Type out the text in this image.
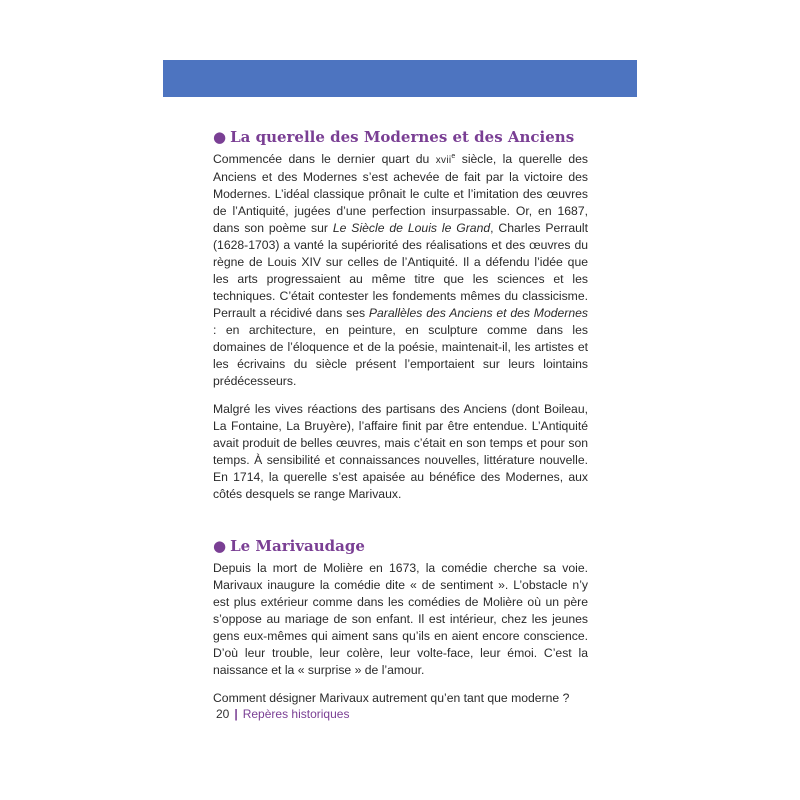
● La querelle des Modernes et des Anciens

Commencée dans le dernier quart du xvii$^e$ siècle, la querelle des Anciens et des Modernes s’est achevée de fait par la victoire des Modernes. L’idéal classique prônait le culte et l’imitation des œuvres de l’Antiquité, jugées d’une perfection insurpassable. Or, en 1687, dans son poème sur Le Siècle de Louis le Grand, Charles Perrault (1628-1703) a vanté la supériorité des réalisations et des œuvres du règne de Louis XIV sur celles de l’Antiquité. Il a défendu l’idée que les arts progressaient au même titre que les sciences et les techniques. C’était contester les fondements mêmes du classicisme. Perrault a récidivé dans ses Parallèles des Anciens et des Modernes : en architecture, en peinture, en sculpture comme dans les domaines de l’éloquence et de la poésie, maintenait-il, les artistes et les écrivains du siècle présent l’emportaient sur leurs lointains prédécesseurs.

Malgré les vives réactions des partisans des Anciens (dont Boileau, La Fontaine, La Bruyère), l’affaire finit par être entendue. L’Antiquité avait produit de belles œuvres, mais c’était en son temps et pour son temps. À sensibilité et connaissances nouvelles, littérature nouvelle. En 1714, la querelle s’est apaisée au bénéfice des Modernes, aux côtés desquels se range Marivaux.

● Le Marivaudage

Depuis la mort de Molière en 1673, la comédie cherche sa voie. Marivaux inaugure la comédie dite « de sentiment ». L’obstacle n’y est plus extérieur comme dans les comédies de Molière où un père s’oppose au mariage de son enfant. Il est intérieur, chez les jeunes gens eux-mêmes qui aiment sans qu’ils en aient encore conscience. D’où leur trouble, leur colère, leur volte-face, leur émoi. C’est la naissance et la « surprise » de l’amour.

Comment désigner Marivaux autrement qu’en tant que moderne ?

20 | Repères historiques
